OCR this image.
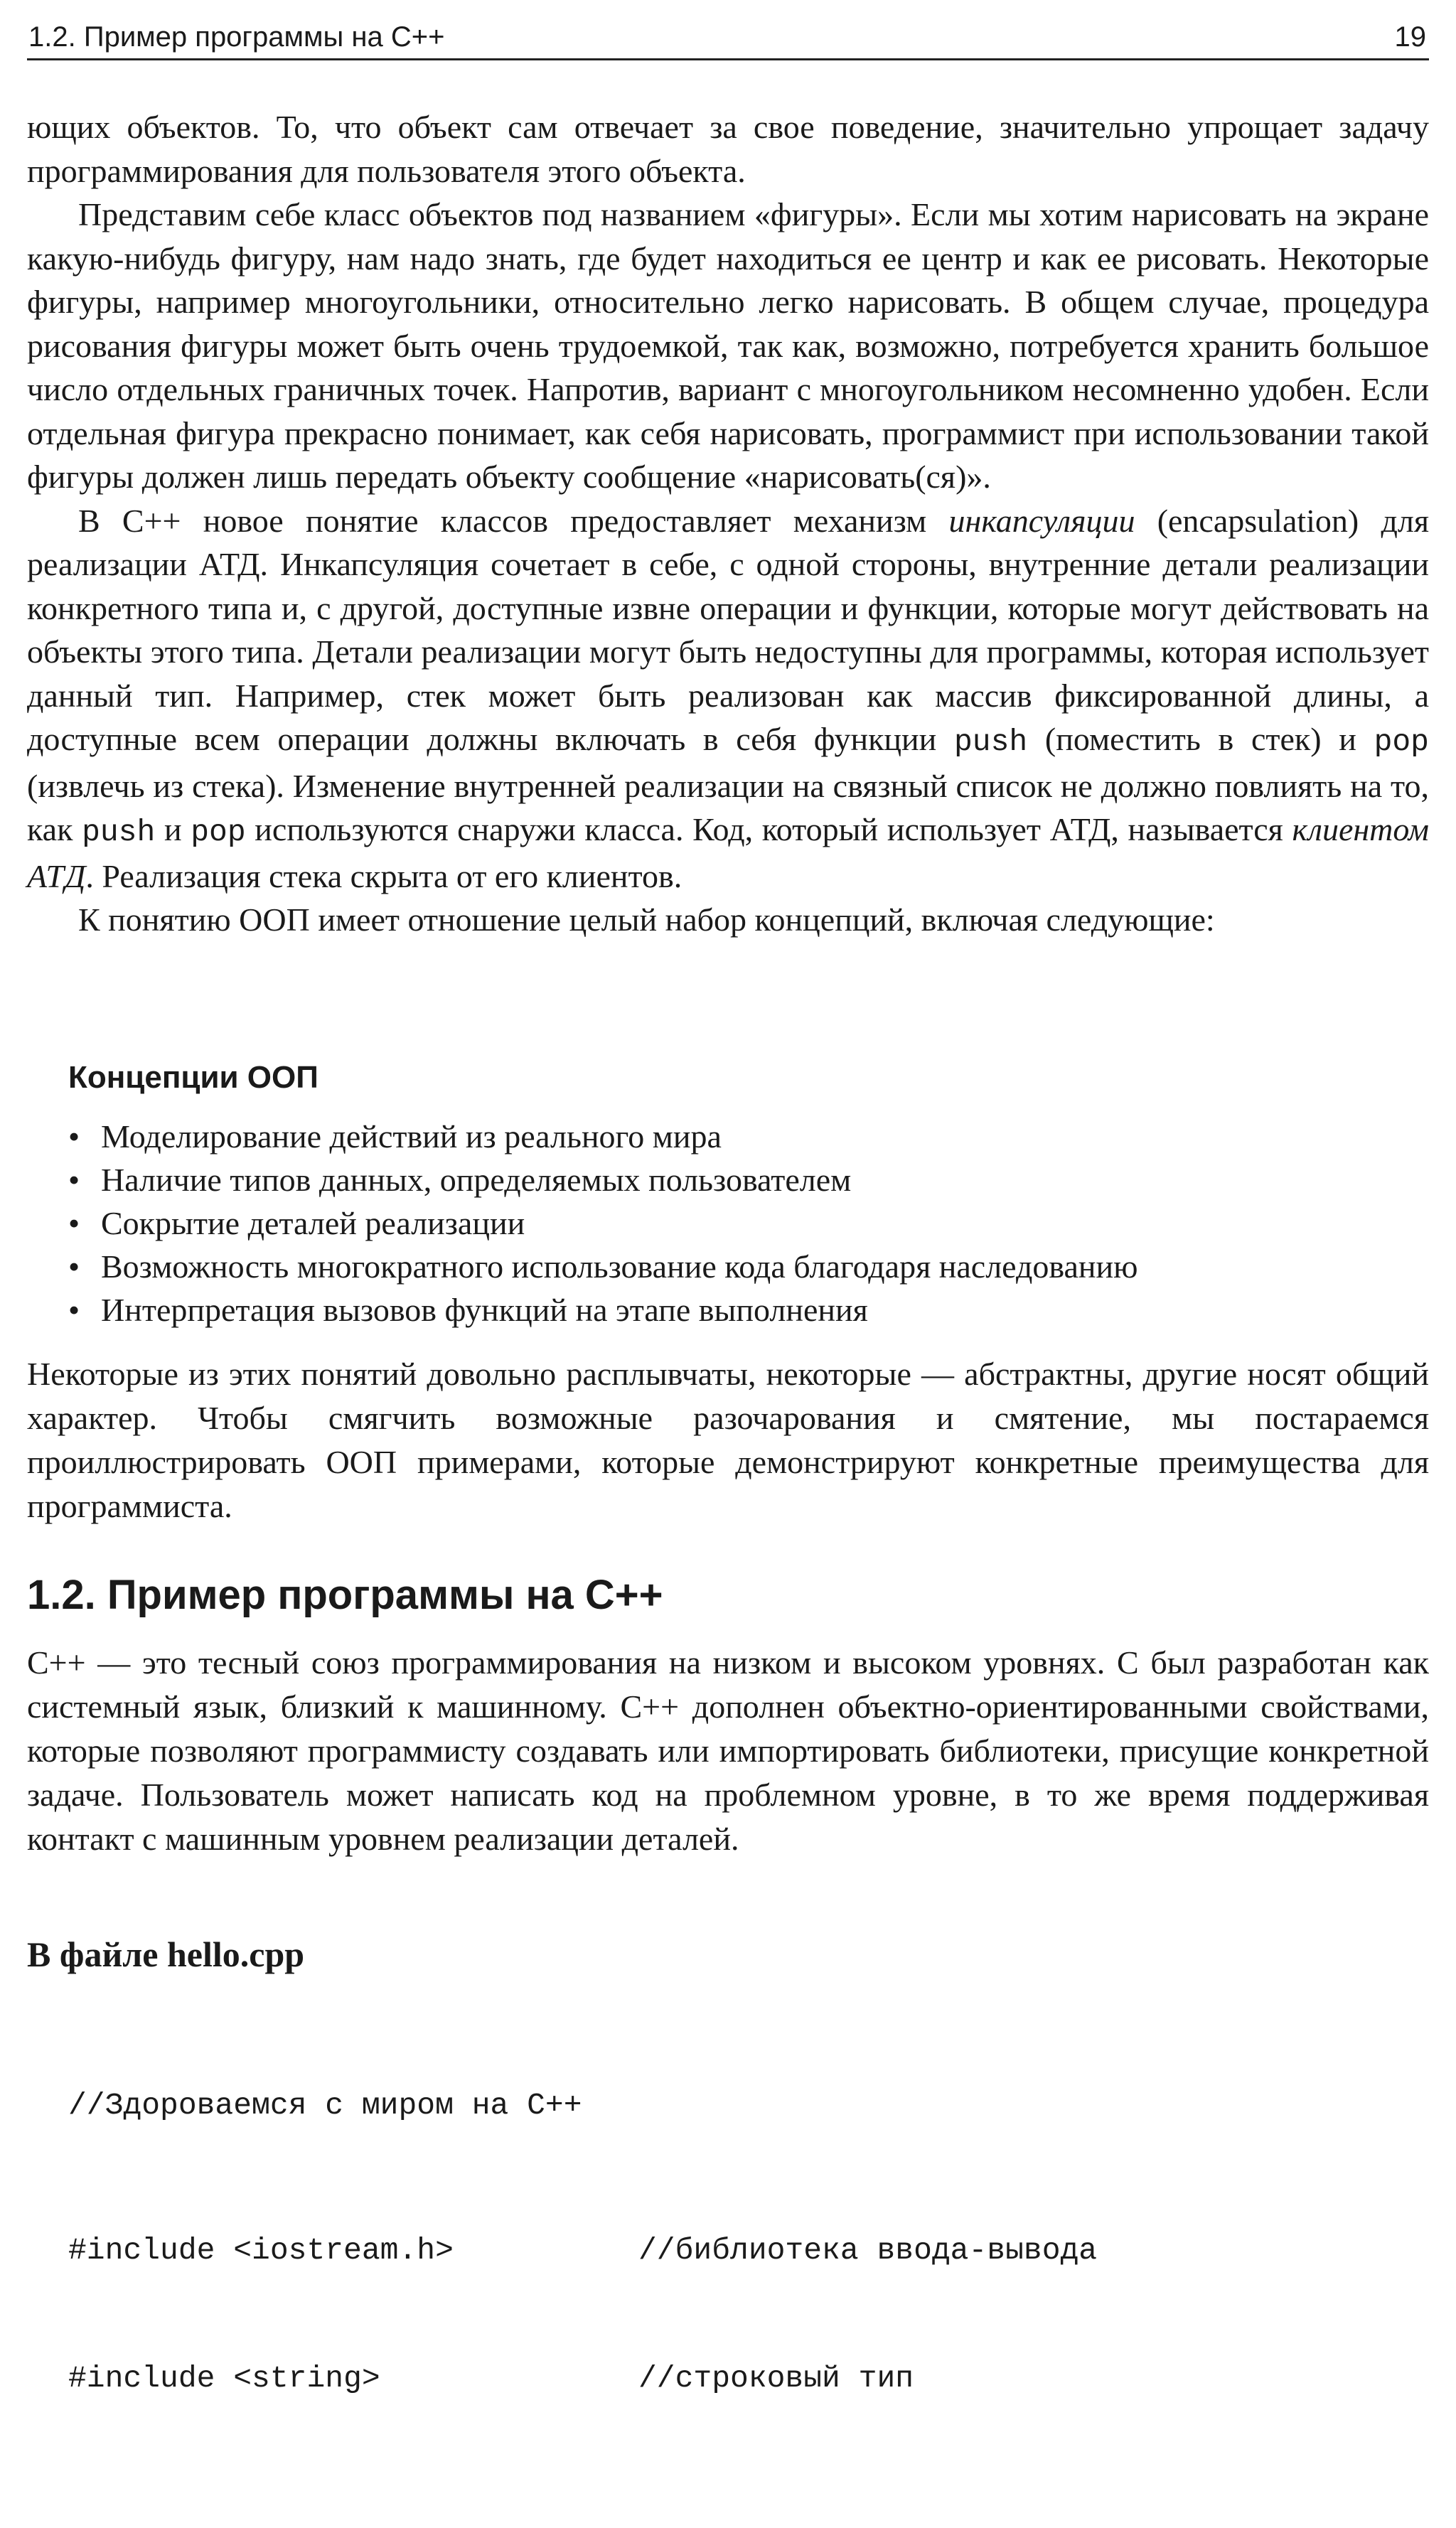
1.2. Пример программы на C++	19

ющих объектов. То, что объект сам отвечает за свое поведение, значительно упрощает задачу программирования для пользователя этого объекта.

Представим себе класс объектов под названием «фигуры». Если мы хотим нарисовать на экране какую-нибудь фигуру, нам надо знать, где будет находиться ее центр и как ее рисовать. Некоторые фигуры, например многоугольники, относительно легко нарисовать. В общем случае, процедура рисования фигуры может быть очень трудоемкой, так как, возможно, потребуется хранить большое число отдельных граничных точек. Напротив, вариант с многоугольником несомненно удобен. Если отдельная фигура прекрасно понимает, как себя нарисовать, программист при использовании такой фигуры должен лишь передать объекту сообщение «нарисовать(ся)».

В C++ новое понятие классов предоставляет механизм инкапсуляции (encapsulation) для реализации АТД. Инкапсуляция сочетает в себе, с одной стороны, внутренние детали реализации конкретного типа и, с другой, доступные извне операции и функции, которые могут действовать на объекты этого типа. Детали реализации могут быть недоступны для программы, которая использует данный тип. Например, стек может быть реализован как массив фиксированной длины, а доступные всем операции должны включать в себя функции push (поместить в стек) и pop (извлечь из стека). Изменение внутренней реализации на связный список не должно повлиять на то, как push и pop используются снаружи класса. Код, который использует АТД, называется клиентом АТД. Реализация стека скрыта от его клиентов.

К понятию ООП имеет отношение целый набор концепций, включая следующие:

Концепции ООП
• Моделирование действий из реального мира
• Наличие типов данных, определяемых пользователем
• Сокрытие деталей реализации
• Возможность многократного использование кода благодаря наследованию
• Интерпретация вызовов функций на этапе выполнения

Некоторые из этих понятий довольно расплывчаты, некоторые — абстрактны, другие носят общий характер. Чтобы смягчить возможные разочарования и смятение, мы постараемся проиллюстрировать ООП примерами, которые демонстрируют конкретные преимущества для программиста.

1.2. Пример программы на C++

C++ — это тесный союз программирования на низком и высоком уровнях. C был разработан как системный язык, близкий к машинному. C++ дополнен объектно-ориентированными свойствами, которые позволяют программисту создавать или импортировать библиотеки, присущие конкретной задаче. Пользователь может написать код на проблемном уровне, в то же время поддерживая контакт с машинным уровнем реализации деталей.

В файле hello.cpp

//Здороваемся с миром на C++

#include <iostream.h>

	//библиотека ввода-вывода

#include <string>

	//строковый тип
